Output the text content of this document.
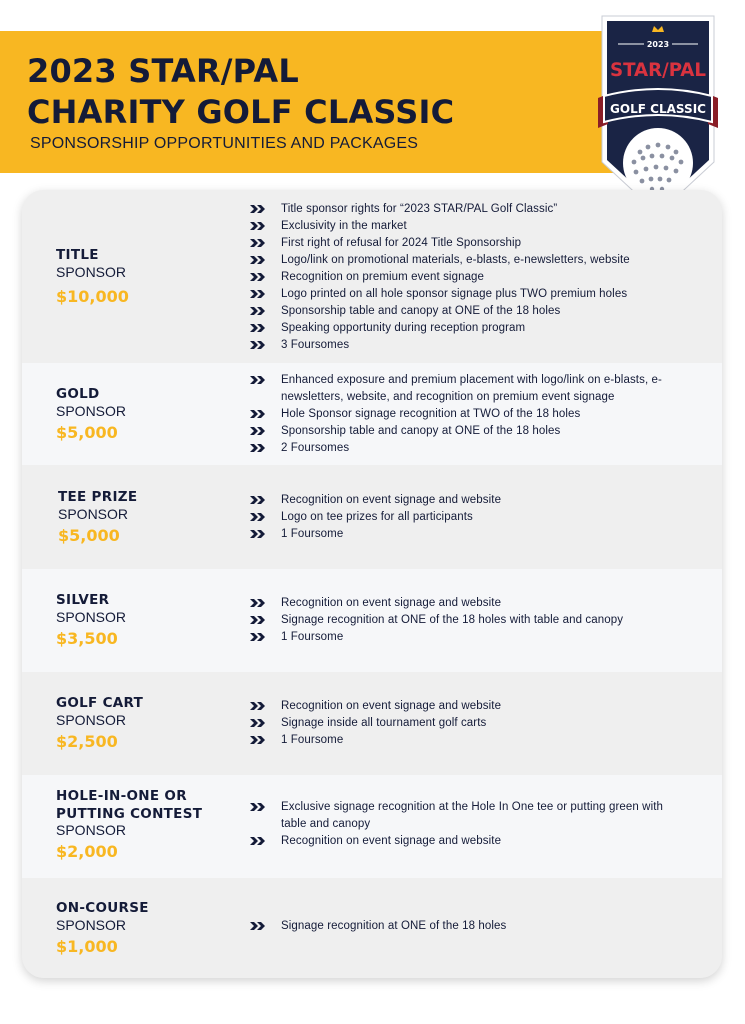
2023 STAR/PAL
CHARITY GOLF CLASSIC
SPONSORSHIP OPPORTUNITIES AND PACKAGES
2023
STAR/PAL
GOLF CLASSIC
TITLE
SPONSOR
$10,000
Title sponsor rights for “2023 STAR/PAL Golf Classic”
Exclusivity in the market
First right of refusal for 2024 Title Sponsorship
Logo/link on promotional materials, e-blasts, e-newsletters, website
Recognition on premium event signage
Logo printed on all hole sponsor signage plus TWO premium holes
Sponsorship table and canopy at ONE of the 18 holes
Speaking opportunity during reception program
3 Foursomes
GOLD
SPONSOR
$5,000
Enhanced exposure and premium placement with logo/link on e-blasts, e-newsletters, website, and recognition on premium event signage
Hole Sponsor signage recognition at TWO of the 18 holes
Sponsorship table and canopy at ONE of the 18 holes
2 Foursomes
TEE PRIZE
SPONSOR
$5,000
Recognition on event signage and website
Logo on tee prizes for all participants
1 Foursome
SILVER
SPONSOR
$3,500
Recognition on event signage and website
Signage recognition at ONE of the 18 holes with table and canopy
1 Foursome
GOLF CART
SPONSOR
$2,500
Recognition on event signage and website
Signage inside all tournament golf carts
1 Foursome
HOLE-IN-ONE OR
PUTTING CONTEST
SPONSOR
$2,000
Exclusive signage recognition at the Hole In One tee or putting green with table and canopy
Recognition on event signage and website
ON-COURSE
SPONSOR
$1,000
Signage recognition at ONE of the 18 holes
